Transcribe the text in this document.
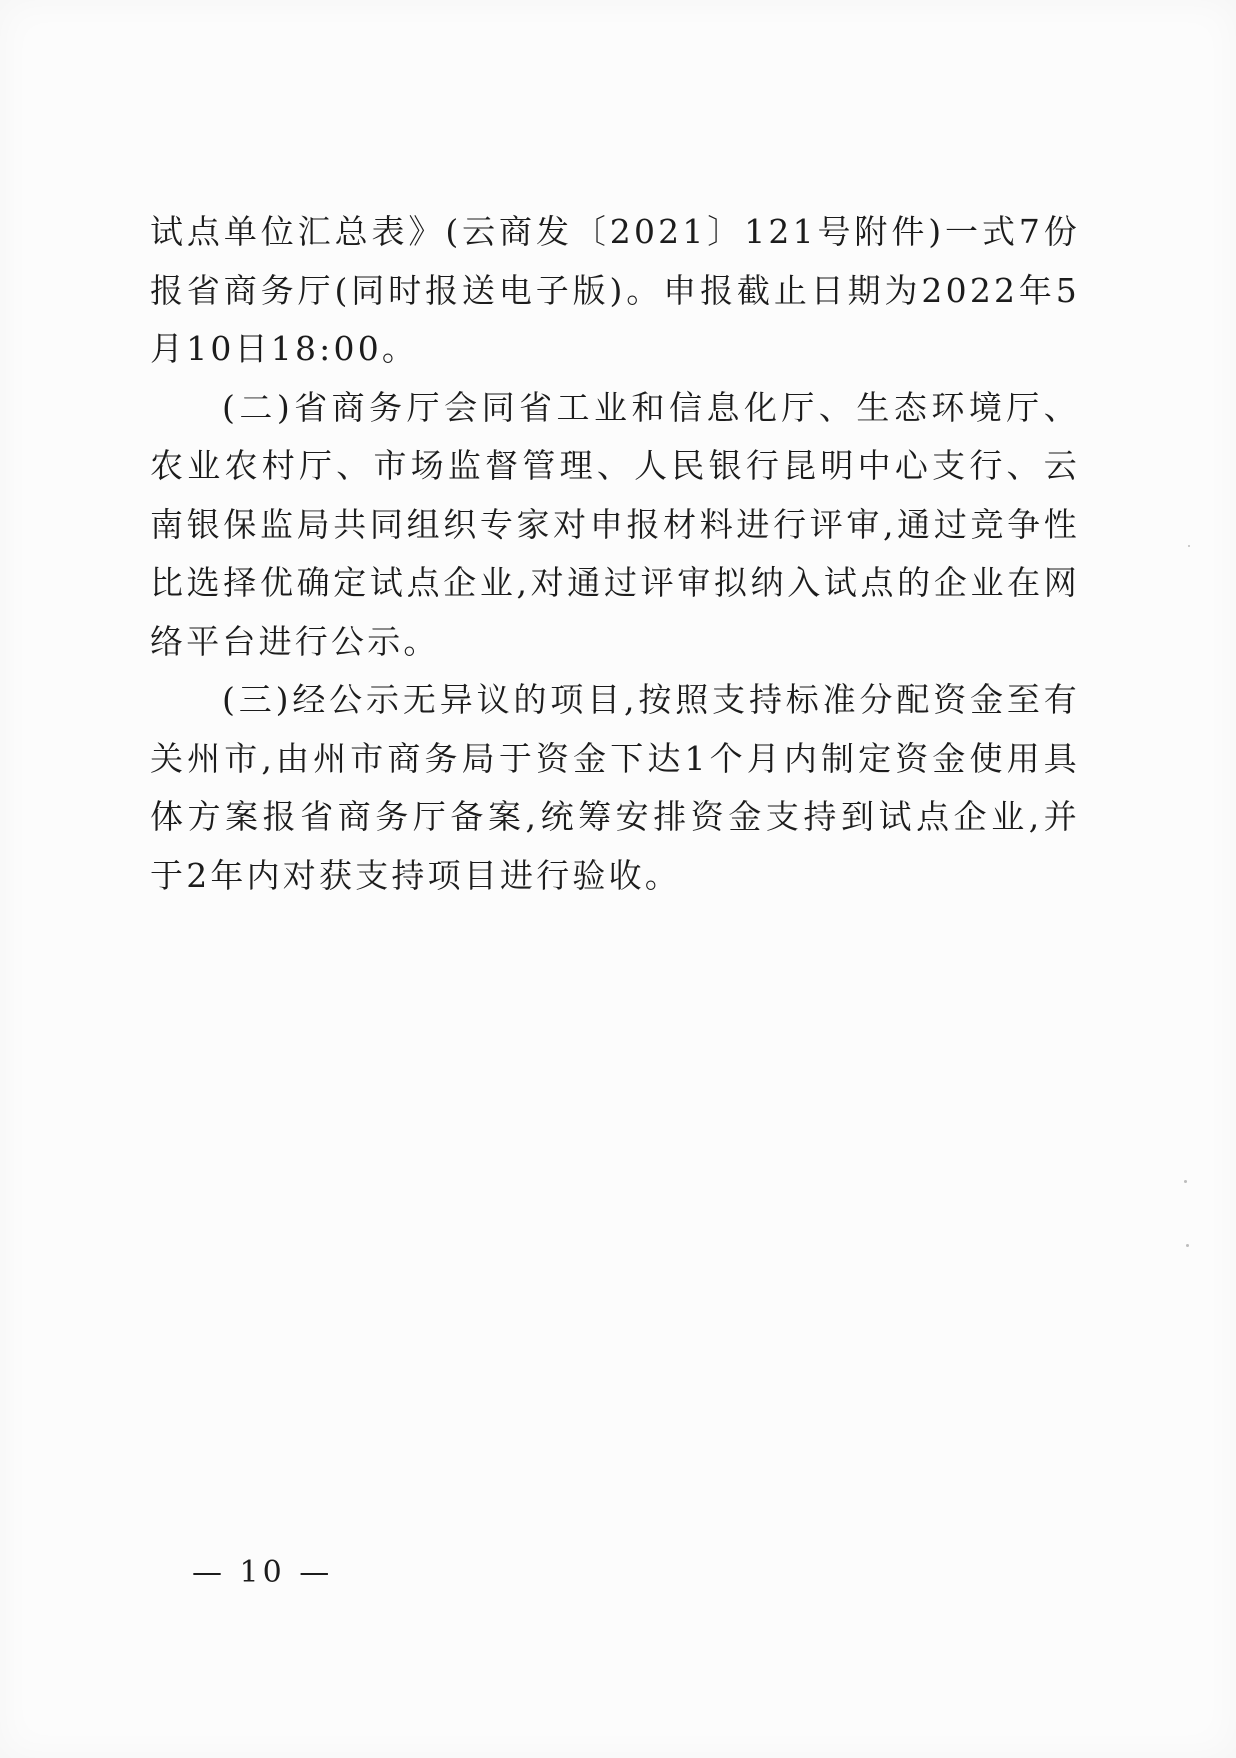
试点单位汇总表》(云商发〔2021〕121号附件)一式7份报省商务厅(同时报送电子版)。申报截止日期为2022年5月10日18:00。

(二)省商务厅会同省工业和信息化厅、生态环境厅、农业农村厅、市场监督管理、人民银行昆明中心支行、云南银保监局共同组织专家对申报材料进行评审,通过竞争性比选择优确定试点企业,对通过评审拟纳入试点的企业在网络平台进行公示。

(三)经公示无异议的项目,按照支持标准分配资金至有关州市,由州市商务局于资金下达1个月内制定资金使用具体方案报省商务厅备案,统筹安排资金支持到试点企业,并于2年内对获支持项目进行验收。

— 10 —
